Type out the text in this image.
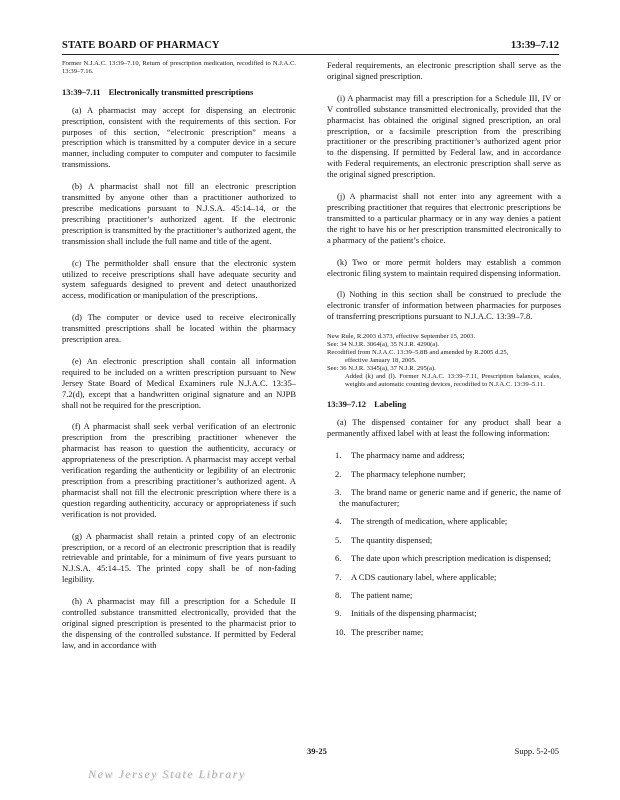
STATE BOARD OF PHARMACY	13:39–7.12
Former N.J.A.C. 13:39–7.10, Return of prescription medication, recodified to N.J.A.C. 13:39–7.16.
13:39–7.11 Electronically transmitted prescriptions

(a) A pharmacist may accept for dispensing an electronic prescription, consistent with the requirements of this section. For purposes of this section, “electronic prescription” means a prescription which is transmitted by a computer device in a secure manner, including computer to computer and computer to facsimile transmissions.

(b) A pharmacist shall not fill an electronic prescription transmitted by anyone other than a practitioner authorized to prescribe medications pursuant to N.J.S.A. 45:14–14, or the prescribing practitioner’s authorized agent. If the electronic prescription is transmitted by the practitioner’s authorized agent, the transmission shall include the full name and title of the agent.

(c) The permitholder shall ensure that the electronic system utilized to receive prescriptions shall have adequate security and system safeguards designed to prevent and detect unauthorized access, modification or manipulation of the prescriptions.

(d) The computer or device used to receive electronically transmitted prescriptions shall be located within the pharmacy prescription area.

(e) An electronic prescription shall contain all information required to be included on a written prescription pursuant to New Jersey State Board of Medical Examiners rule N.J.A.C. 13:35–7.2(d), except that a handwritten original signature and an NJPB shall not be required for the prescription.

(f) A pharmacist shall seek verbal verification of an electronic prescription from the prescribing practitioner whenever the pharmacist has reason to question the authenticity, accuracy or appropriateness of the prescription. A pharmacist may accept verbal verification regarding the authenticity or legibility of an electronic prescription from a prescribing practitioner’s authorized agent. A pharmacist shall not fill the electronic prescription where there is a question regarding authenticity, accuracy or appropriateness if such verification is not provided.

(g) A pharmacist shall retain a printed copy of an electronic prescription, or a record of an electronic prescription that is readily retrievable and printable, for a minimum of five years pursuant to N.J.S.A. 45:14–15. The printed copy shall be of non-fading legibility.

(h) A pharmacist may fill a prescription for a Schedule II controlled substance transmitted electronically, provided that the original signed prescription is presented to the pharmacist prior to the dispensing of the controlled substance. If permitted by Federal law, and in accordance with

Federal requirements, an electronic prescription shall serve as the original signed prescription.

(i) A pharmacist may fill a prescription for a Schedule III, IV or V controlled substance transmitted electronically, provided that the pharmacist has obtained the original signed prescription, an oral prescription, or a facsimile prescription from the prescribing practitioner or the prescribing practitioner’s authorized agent prior to the dispensing. If permitted by Federal law, and in accordance with Federal requirements, an electronic prescription shall serve as the original signed prescription.

(j) A pharmacist shall not enter into any agreement with a prescribing practitioner that requires that electronic prescriptions be transmitted to a particular pharmacy or in any way denies a patient the right to have his or her prescription transmitted electronically to a pharmacy of the patient’s choice.

(k) Two or more permit holders may establish a common electronic filing system to maintain required dispensing information.

(l) Nothing in this section shall be construed to preclude the electronic transfer of information between pharmacies for purposes of transferring prescriptions pursuant to N.J.A.C. 13:39–7.8.

New Rule, R.2003 d.373, effective September 15, 2003.
See: 34 N.J.R. 3064(a), 35 N.J.R. 4290(a).
Recodified from N.J.A.C. 13:39–5.8B and amended by R.2005 d.25,
effective January 18, 2005.
See: 36 N.J.R. 3345(a), 37 N.J.R. 295(a).
Added (k) and (l). Former N.J.A.C. 13:39–7.11, Prescription balances, scales, weights and automatic counting devices, recodified to N.J.A.C. 13:39–5.11.
13:39–7.12 Labeling

(a) The dispensed container for any product shall bear a permanently affixed label with at least the following information:

1. The pharmacy name and address;
2. The pharmacy telephone number;
3. The brand name or generic name and if generic, the name of the manufacturer;
4. The strength of medication, where applicable;
5. The quantity dispensed;
6. The date upon which prescription medication is dispensed;
7. A CDS cautionary label, where applicable;
8. The patient name;
9. Initials of the dispensing pharmacist;
10. The prescriber name;
39-25	Supp. 5-2-05
New Jersey State Library
